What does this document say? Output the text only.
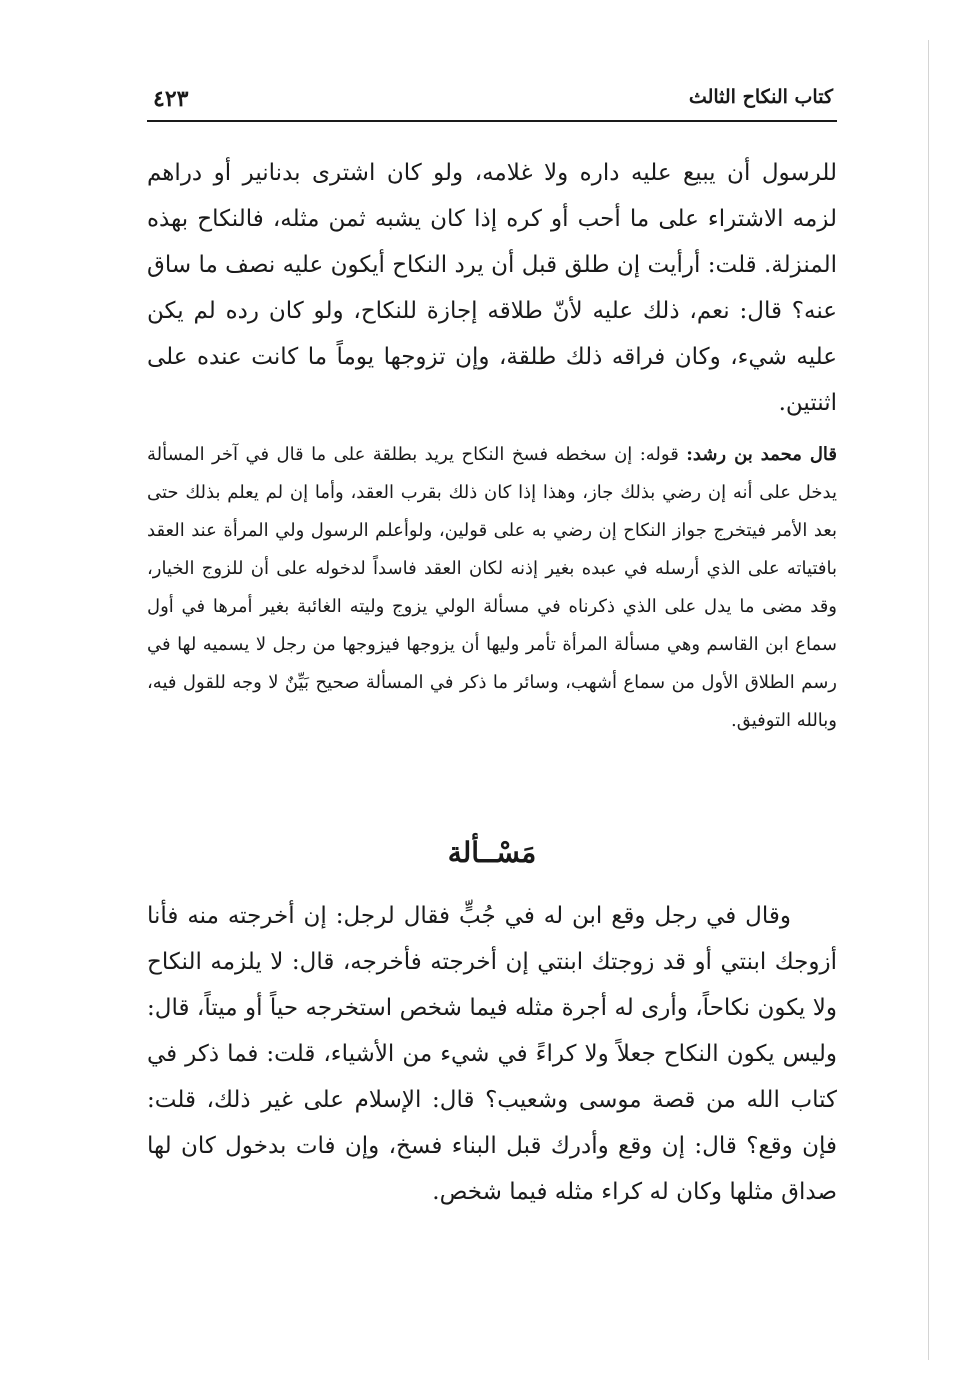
كتاب النكاح الثالث
٤٢٣

للرسول أن يبيع عليه داره ولا غلامه، ولو كان اشترى بدنانير أو دراهم لزمه الاشتراء على ما أحب أو كره إذا كان يشبه ثمن مثله، فالنكاح بهذه المنزلة. قلت: أرأيت إن طلق قبل أن يرد النكاح أيكون عليه نصف ما ساق عنه؟ قال: نعم، ذلك عليه لأنّ طلاقه إجازة للنكاح، ولو كان رده لم يكن عليه شيء، وكان فراقه ذلك طلقة، وإن تزوجها يوماً ما كانت عنده على اثنتين.

قال محمد بن رشد: قوله: إن سخطه فسخ النكاح يريد بطلقة على ما قال في آخر المسألة يدخل على أنه إن رضي بذلك جاز، وهذا إذا كان ذلك بقرب العقد، وأما إن لم يعلم بذلك حتى بعد الأمر فيتخرج جواز النكاح إن رضي به على قولين، ولوأعلم الرسول ولي المرأة عند العقد بافتياته على الذي أرسله في عبده بغير إذنه لكان العقد فاسداً لدخوله على أن للزوج الخيار، وقد مضى ما يدل على الذي ذكرناه في مسألة الولي يزوج وليته الغائبة بغير أمرها في أول سماع ابن القاسم وهي مسألة المرأة تأمر وليها أن يزوجها فيزوجها من رجل لا يسميه لها في رسم الطلاق الأول من سماع أشهب، وسائر ما ذكر في المسألة صحيح بَيِّنٌ لا وجه للقول فيه، وبالله التوفيق.

مَسْــألة

وقال في رجل وقع ابن له في جُبٍّ فقال لرجل: إن أخرجته منه فأنا أزوجك ابنتي أو قد زوجتك ابنتي إن أخرجته فأخرجه، قال: لا يلزمه النكاح ولا يكون نكاحاً، وأرى له أجرة مثله فيما شخص استخرجه حياً أو ميتاً، قال: وليس يكون النكاح جعلاً ولا كراءً في شيء من الأشياء، قلت: فما ذكر في كتاب الله من قصة موسى وشعيب؟ قال: الإسلام على غير ذلك، قلت: فإن وقع؟ قال: إن وقع وأدرك قبل البناء فسخ، وإن فات بدخول كان لها صداق مثلها وكان له كراء مثله فيما شخص.
